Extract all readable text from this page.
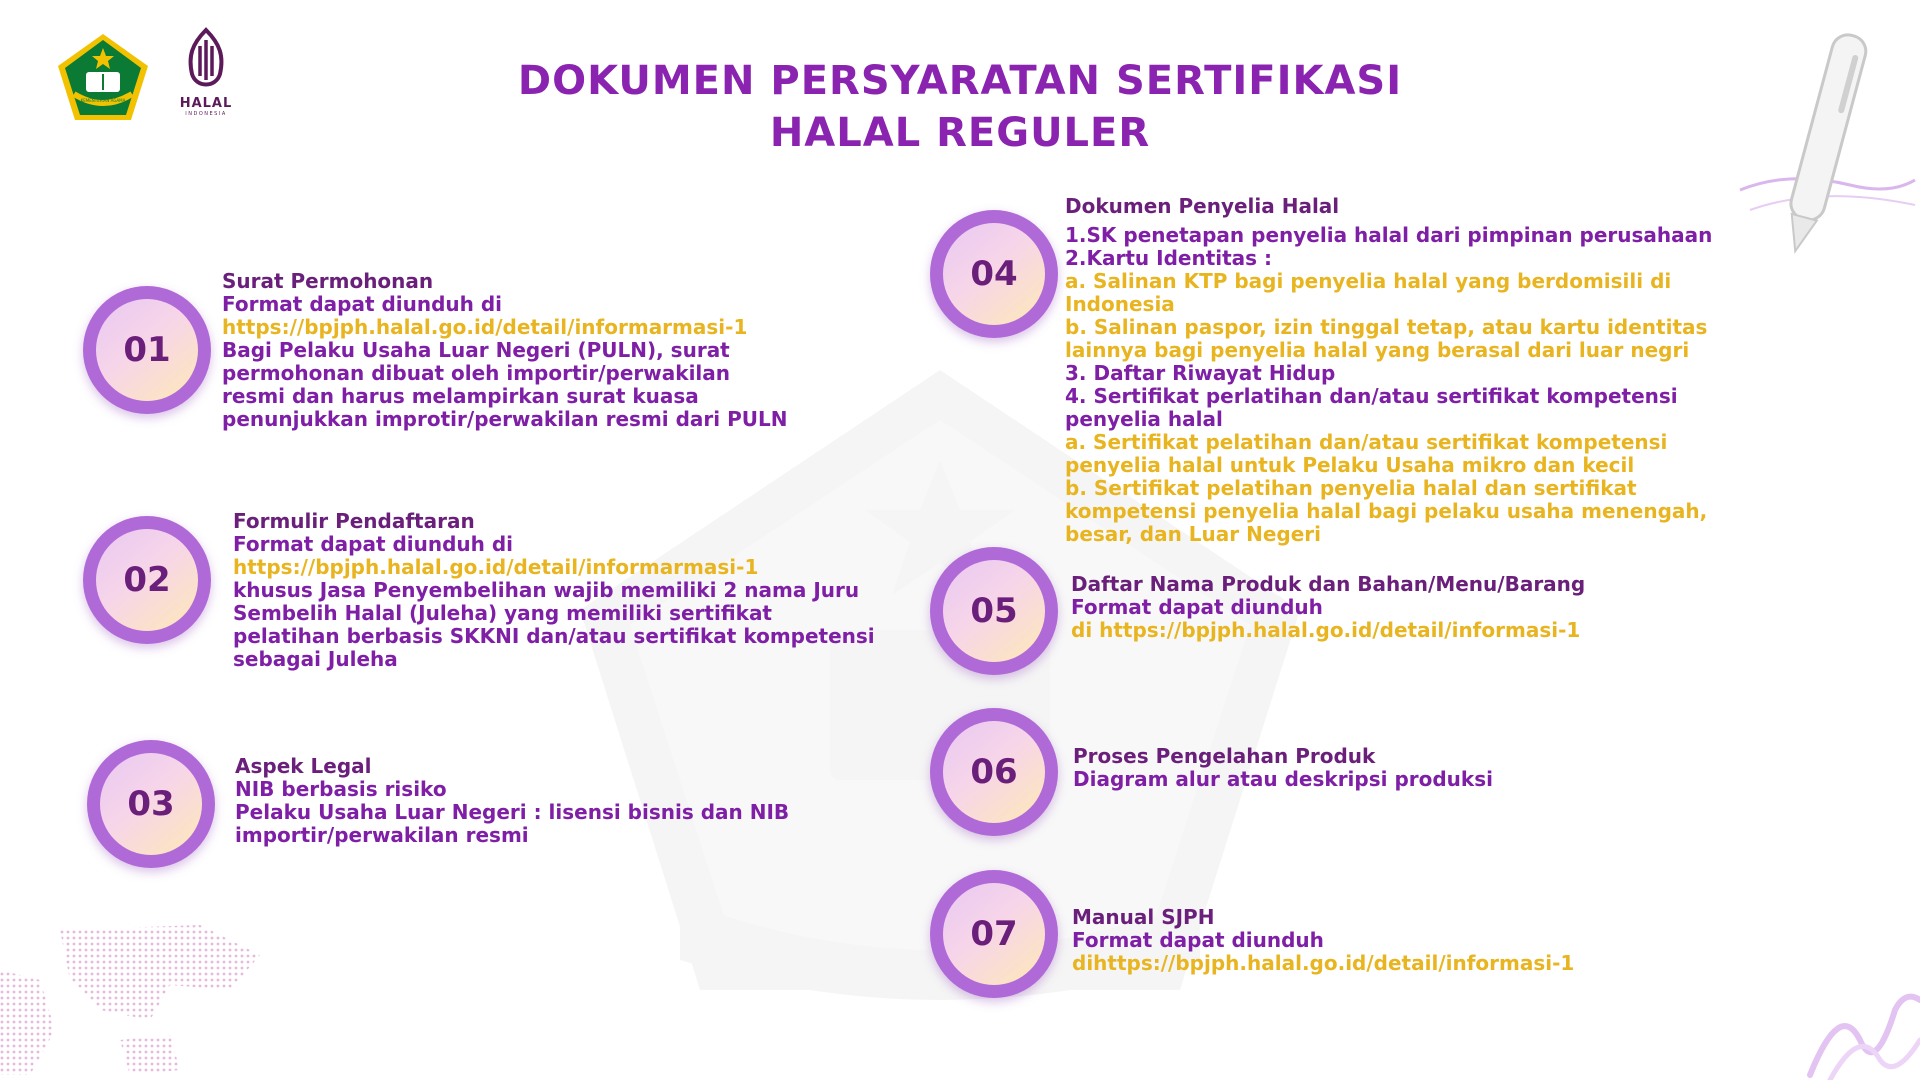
KEMENTERIAN AGAMA	HALAL
INDONESIA
DOKUMEN PERSYARATAN SERTIFIKASI
HALAL REGULER
01
Surat Permohonan
Format dapat diunduh di
https://bpjph.halal.go.id/detail/informarmasi-1
Bagi Pelaku Usaha Luar Negeri (PULN), surat
permohonan dibuat oleh importir/perwakilan
resmi dan harus melampirkan surat kuasa
penunjukkan improtir/perwakilan resmi dari PULN
02
Formulir Pendaftaran
Format dapat diunduh di
https://bpjph.halal.go.id/detail/informarmasi-1
khusus Jasa Penyembelihan wajib memiliki 2 nama Juru
Sembelih Halal (Juleha) yang memiliki sertifikat
pelatihan berbasis SKKNI dan/atau sertifikat kompetensi
sebagai Juleha
03
Aspek Legal
NIB berbasis risiko
Pelaku Usaha Luar Negeri : lisensi bisnis dan NIB
importir/perwakilan resmi
04
Dokumen Penyelia Halal
1.SK penetapan penyelia halal dari pimpinan perusahaan
2.Kartu Identitas :
a. Salinan KTP bagi penyelia halal yang berdomisili di
Indonesia
b. Salinan paspor, izin tinggal tetap, atau kartu identitas
lainnya bagi penyelia halal yang berasal dari luar negri
3. Daftar Riwayat Hidup
4. Sertifikat perlatihan dan/atau sertifikat kompetensi
penyelia halal
a. Sertifikat pelatihan dan/atau sertifikat kompetensi
penyelia halal untuk Pelaku Usaha mikro dan kecil
b. Sertifikat pelatihan penyelia halal dan sertifikat
kompetensi penyelia halal bagi pelaku usaha menengah,
besar, dan Luar Negeri
05
Daftar Nama Produk dan Bahan/Menu/Barang
Format dapat diunduh
di https://bpjph.halal.go.id/detail/informasi-1
06	Proses Pengelahan Produk
Diagram alur atau deskripsi produksi
07	Manual SJPH
Format dapat diunduh
dihttps://bpjph.halal.go.id/detail/informasi-1
